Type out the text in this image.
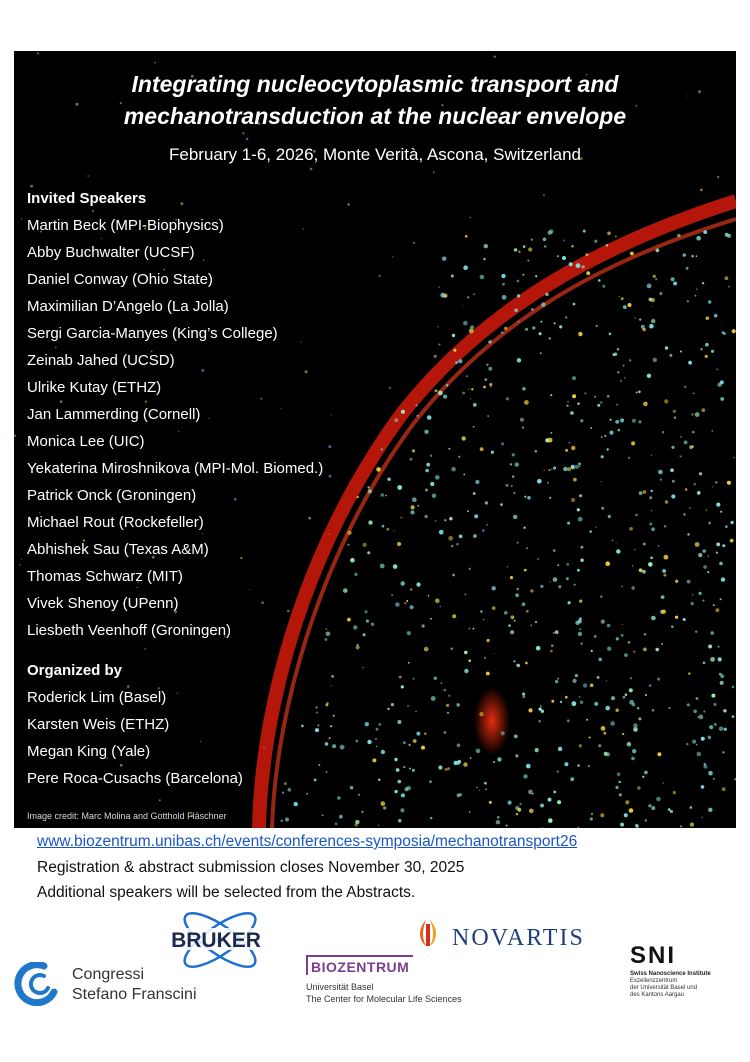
Integrating nucleocytoplasmic transport and
mechanotransduction at the nuclear envelope
February 1-6, 2026, Monte Verità, Ascona, Switzerland
Invited Speakers
Martin Beck (MPI-Biophysics)
Abby Buchwalter (UCSF)
Daniel Conway (Ohio State)
Maximilian D’Angelo (La Jolla)
Sergi Garcia-Manyes (King’s College)
Zeinab Jahed (UCSD)
Ulrike Kutay (ETHZ)
Jan Lammerding (Cornell)
Monica Lee (UIC)
Yekaterina Miroshnikova (MPI-Mol. Biomed.)
Patrick Onck (Groningen)
Michael Rout (Rockefeller)
Abhishek Sau (Texas A&M)
Thomas Schwarz (MIT)
Vivek Shenoy (UPenn)
Liesbeth Veenhoff (Groningen)
Organized by
Roderick Lim (Basel)
Karsten Weis (ETHZ)
Megan King (Yale)
Pere Roca-Cusachs (Barcelona)
Image credit: Marc Molina and Gotthold Fläschner
www.biozentrum.unibas.ch/events/conferences-symposia/mechanotransport26
Registration & abstract submission closes November 30, 2025
Additional speakers will be selected from the Abstracts.
BRUKER	NOVARTIS
Congressi
Stefano Franscini
BIOZENTRUM
Universität Basel
The Center for Molecular Life Sciences
SNI
Swiss Nanoscience Institute
Exzellenzzentrum
der Universität Basel und
des Kantons Aargau
